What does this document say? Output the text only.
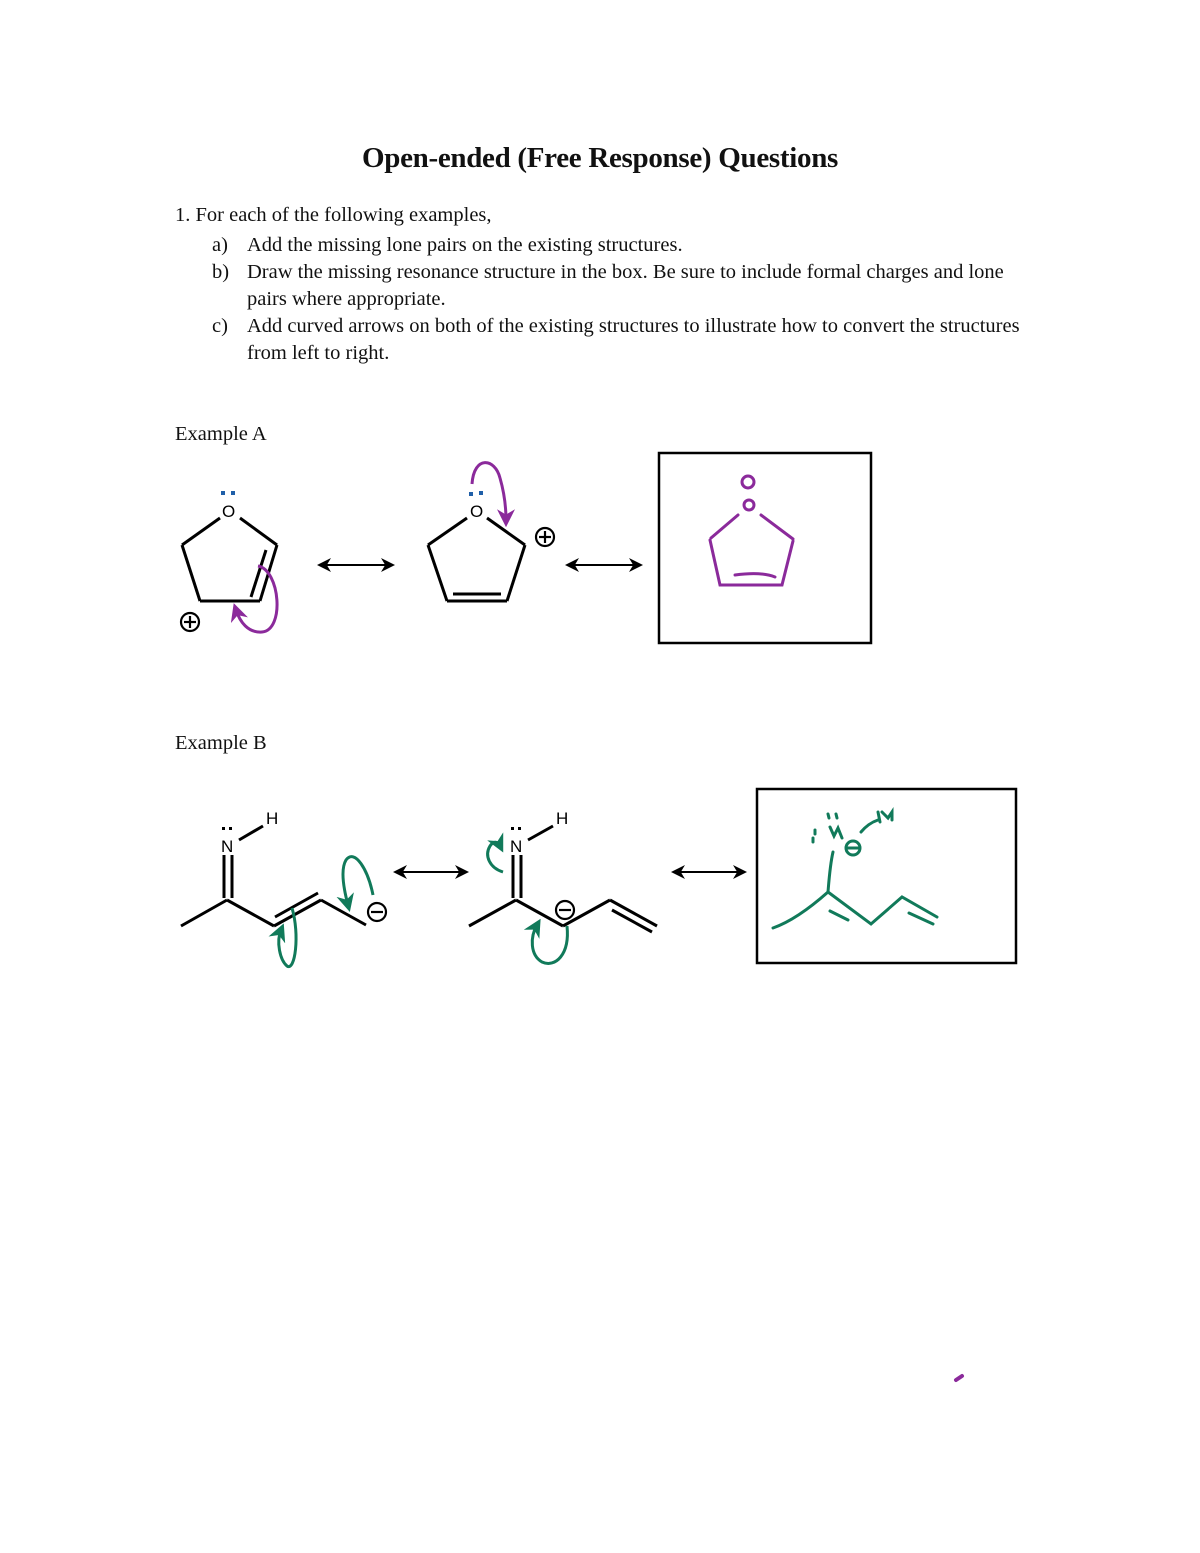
Open-ended (Free Response) Questions
1. For each of the following examples,
a) Add the missing lone pairs on the existing structures.
b) Draw the missing resonance structure in the box. Be sure to include formal charges and lone pairs where appropriate.
c) Add curved arrows on both of the existing structures to illustrate how to convert the structures from left to right.
Example A
Example B
O	O
N
H
N
H
